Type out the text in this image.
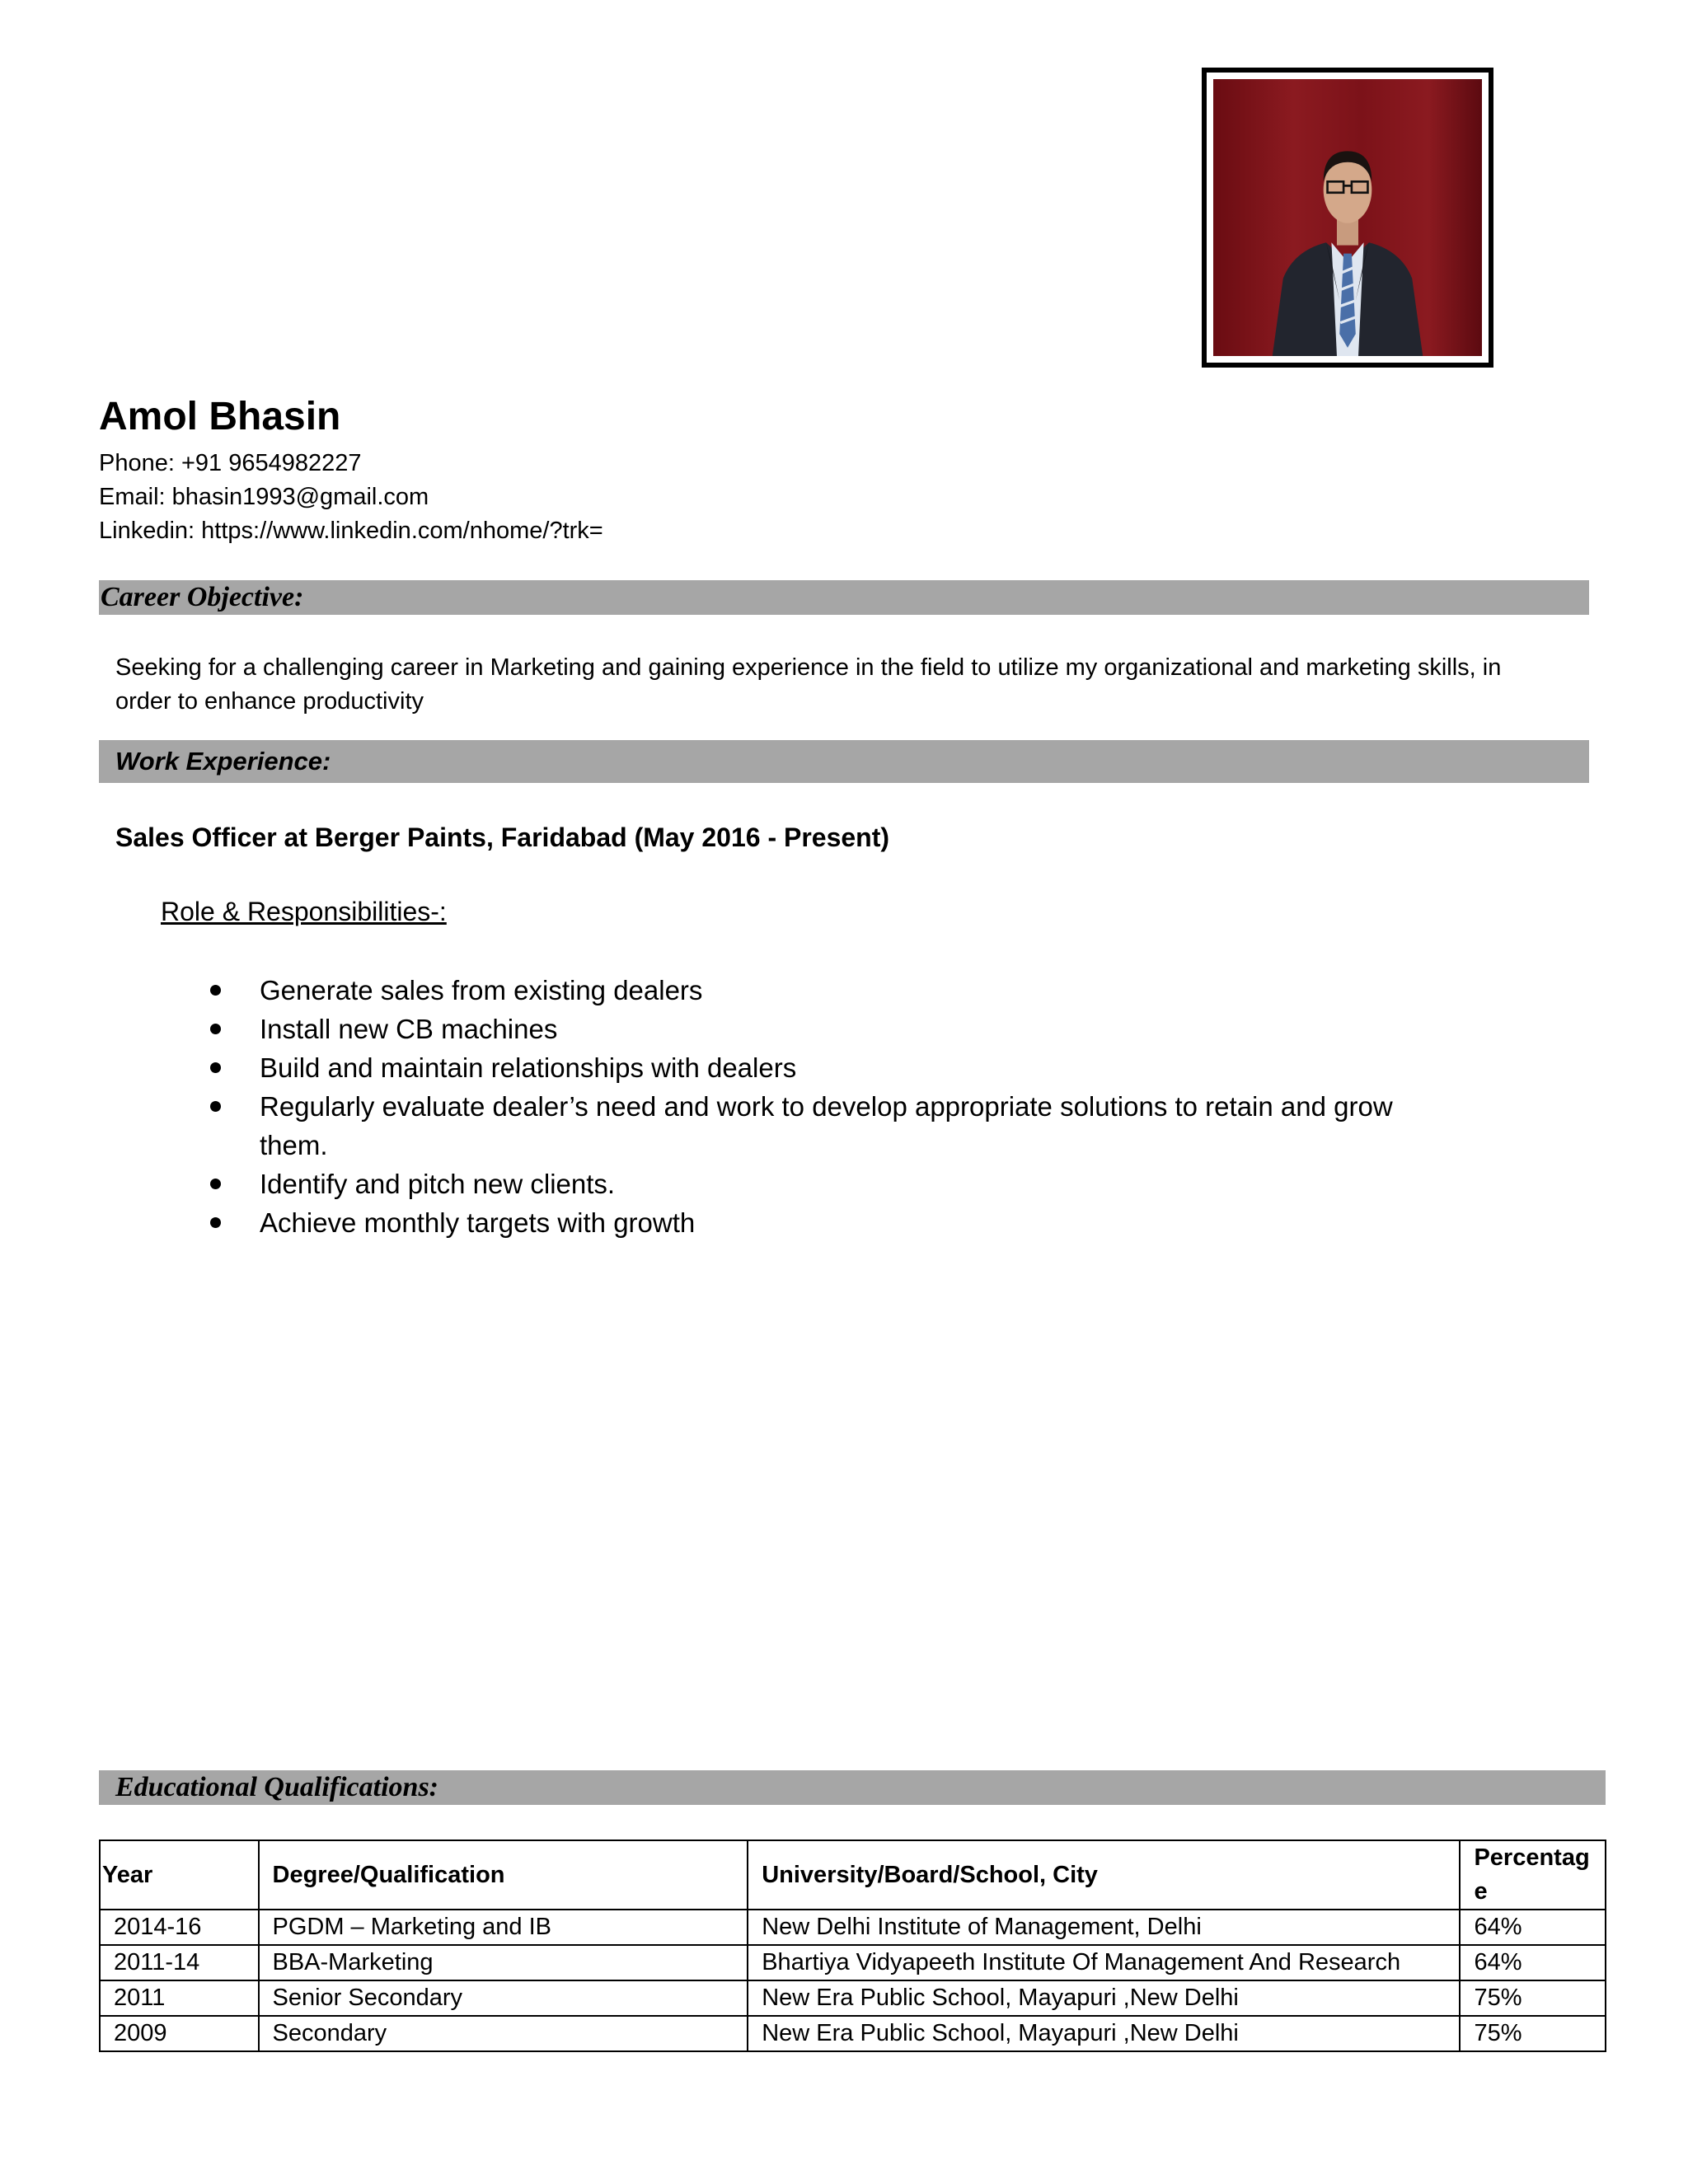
Amol Bhasin
Phone: +91 9654982227
Email: bhasin1993@gmail.com
Linkedin: https://www.linkedin.com/nhome/?trk=
Career Objective:
Seeking for a challenging career in Marketing and gaining experience in the field to utilize my organizational and marketing skills, in order to enhance productivity
Work Experience:
Sales Officer at Berger Paints, Faridabad (May 2016 - Present)
Role & Responsibilities-:
Generate sales from existing dealers
Install new CB machines
Build and maintain relationships with dealers
Regularly evaluate dealer’s need and work to develop appropriate solutions to retain and grow them.
Identify and pitch new clients.
Achieve monthly targets with growth
Educational Qualifications:
Year	Degree/Qualification	University/Board/School, City	Percentag e
2014-16	PGDM – Marketing and IB	New Delhi Institute of Management, Delhi	64%
2011-14	BBA-Marketing	Bhartiya Vidyapeeth Institute Of Management And Research	64%
2011	Senior Secondary	New Era Public School, Mayapuri ,New Delhi	75%
2009	Secondary	New Era Public School, Mayapuri ,New Delhi	75%
